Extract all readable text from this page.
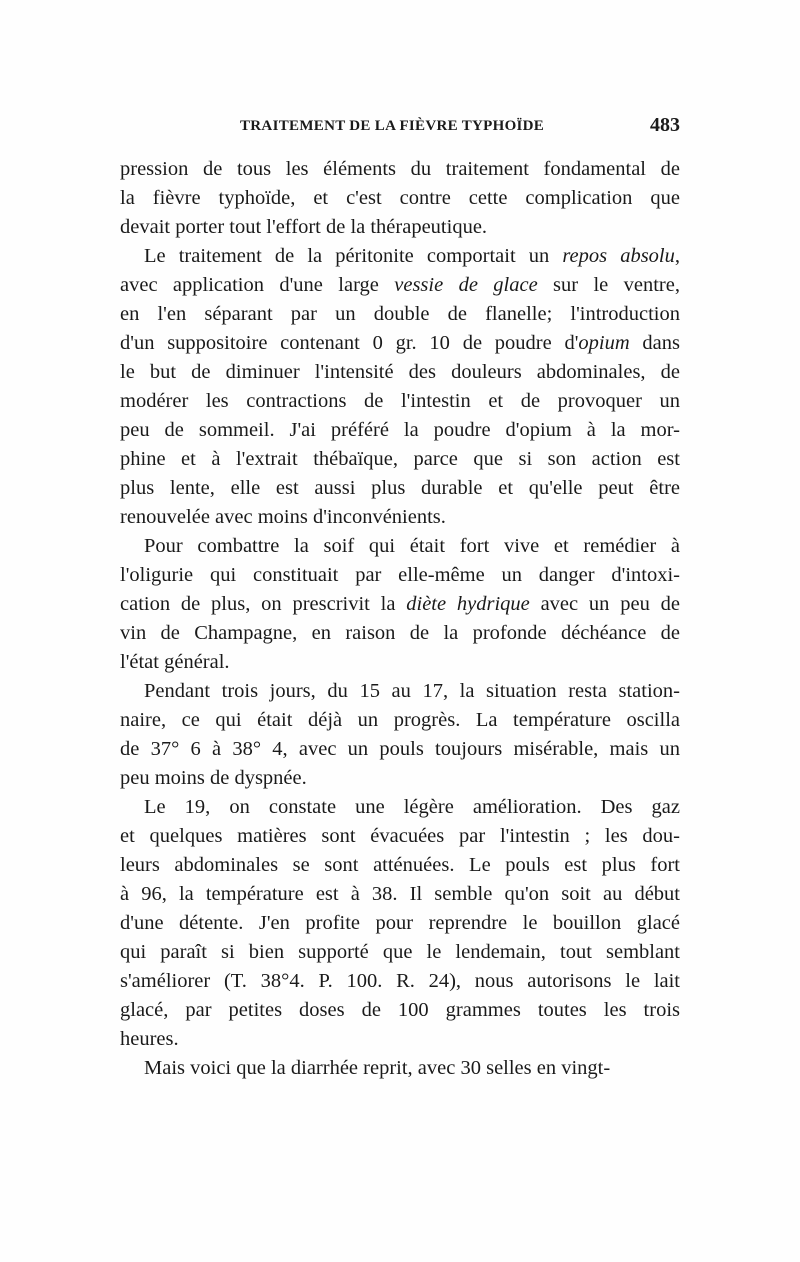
TRAITEMENT DE LA FIÈVRE TYPHOÏDE	483
pression de tous les éléments du traitement fondamental de
la fièvre typhoïde, et c'est contre cette complication que
devait porter tout l'effort de la thérapeutique.
Le traitement de la péritonite comportait un repos absolu,
avec application d'une large vessie de glace sur le ventre,
en l'en séparant par un double de flanelle; l'introduction
d'un suppositoire contenant 0 gr. 10 de poudre d'opium dans
le but de diminuer l'intensité des douleurs abdominales, de
modérer les contractions de l'intestin et de provoquer un
peu de sommeil. J'ai préféré la poudre d'opium à la mor-
phine et à l'extrait thébaïque, parce que si son action est
plus lente, elle est aussi plus durable et qu'elle peut être
renouvelée avec moins d'inconvénients.
Pour combattre la soif qui était fort vive et remédier à
l'oligurie qui constituait par elle-même un danger d'intoxi-
cation de plus, on prescrivit la diète hydrique avec un peu de
vin de Champagne, en raison de la profonde déchéance de
l'état général.
Pendant trois jours, du 15 au 17, la situation resta station-
naire, ce qui était déjà un progrès. La température oscilla
de 37° 6 à 38° 4, avec un pouls toujours misérable, mais un
peu moins de dyspnée.
Le 19, on constate une légère amélioration. Des gaz
et quelques matières sont évacuées par l'intestin ; les dou-
leurs abdominales se sont atténuées. Le pouls est plus fort
à 96, la température est à 38. Il semble qu'on soit au début
d'une détente. J'en profite pour reprendre le bouillon glacé
qui paraît si bien supporté que le lendemain, tout semblant
s'améliorer (T. 38°4. P. 100. R. 24), nous autorisons le lait
glacé, par petites doses de 100 grammes toutes les trois
heures.
Mais voici que la diarrhée reprit, avec 30 selles en vingt-
